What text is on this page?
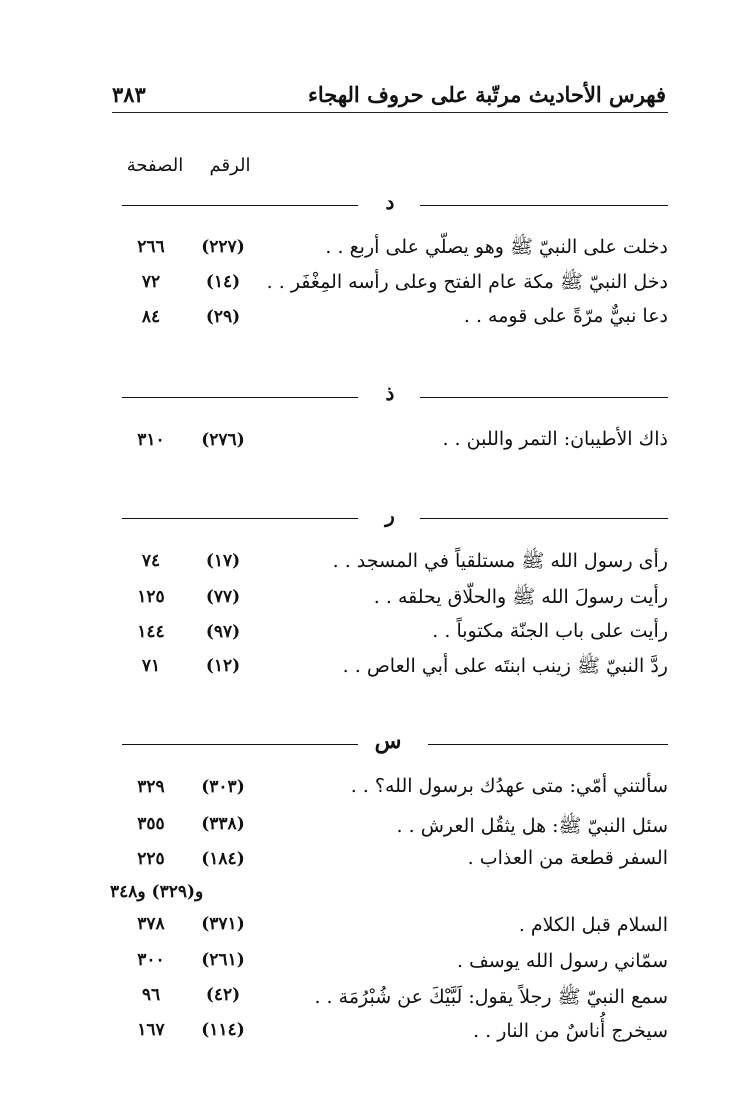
فهرس الأحاديث مرتّبة على حروف الهجاء
٣٨٣
الرقم
الصفحة
د
دخلت على النبيّ ﷺ وهو يصلّي على أربع . .
(٢٢٧)
٢٦٦
دخل النبيّ ﷺ مكة عام الفتح وعلى رأسه المِغْفَر . .
(١٤)
٧٢
دعا نبيٌّ مرّةً على قومه . .
(٢٩)
٨٤
ذ
ذاك الأطيبان: التمر واللبن . .
(٢٧٦)
٣١٠
ر
رأى رسول الله ﷺ مستلقياً في المسجد . .
(١٧)
٧٤
رأيت رسولَ الله ﷺ والحلّاق يحلقه . .
(٧٧)
١٢٥
رأيت على باب الجنّة مكتوباً . .
(٩٧)
١٤٤
ردَّ النبيّ ﷺ زينب ابنتَه على أبي العاص . .
(١٢)
٧١
س
سألتني أمّي: متى عهدُك برسول الله؟ . .
(٣٠٣)
٣٢٩
سئل النبيّ ﷺ: هل يثقُل العرش . .
(٣٣٨)
٣٥٥
السفر قطعة من العذاب .
(١٨٤)
٢٢٥
و(٣٢٩) و٣٤٨
السلام قبل الكلام .
(٣٧١)
٣٧٨
سمّاني رسول الله يوسف .
(٢٦١)
٣٠٠
سمع النبيّ ﷺ رجلاً يقول: لَبَّيْكَ عن شُبْرُمَة . .
(٤٢)
٩٦
سيخرج أُناسٌ من النار . .
(١١٤)
١٦٧
